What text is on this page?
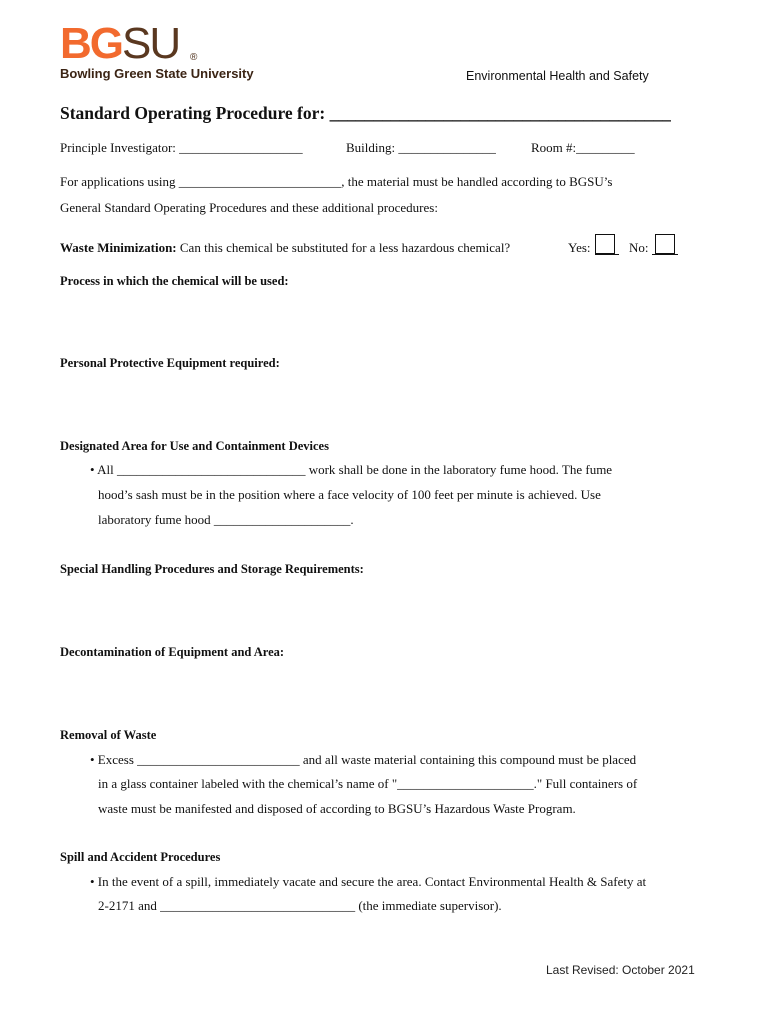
BGSU ®
Bowling Green State University	Environmental Health and Safety
Standard Operating Procedure for: _______________________________________
Principle Investigator: ___________________	Building: _______________	Room #:_________
For applications using _________________________, the material must be handled according to BGSU’s
General Standard Operating Procedures and these additional procedures:
Waste Minimization: Can this chemical be substituted for a less hazardous chemical?	Yes:	No:
Process in which the chemical will be used:
Personal Protective Equipment required:
Designated Area for Use and Containment Devices
• All _____________________________ work shall be done in the laboratory fume hood. The fume
hood’s sash must be in the position where a face velocity of 100 feet per minute is achieved. Use
laboratory fume hood _____________________.
Special Handling Procedures and Storage Requirements:
Decontamination of Equipment and Area:
Removal of Waste
• Excess _________________________ and all waste material containing this compound must be placed
in a glass container labeled with the chemical’s name of "_____________________." Full containers of
waste must be manifested and disposed of according to BGSU’s Hazardous Waste Program.
Spill and Accident Procedures
• In the event of a spill, immediately vacate and secure the area. Contact Environmental Health & Safety at
2-2171 and ______________________________ (the immediate supervisor).
Last Revised: October 2021
